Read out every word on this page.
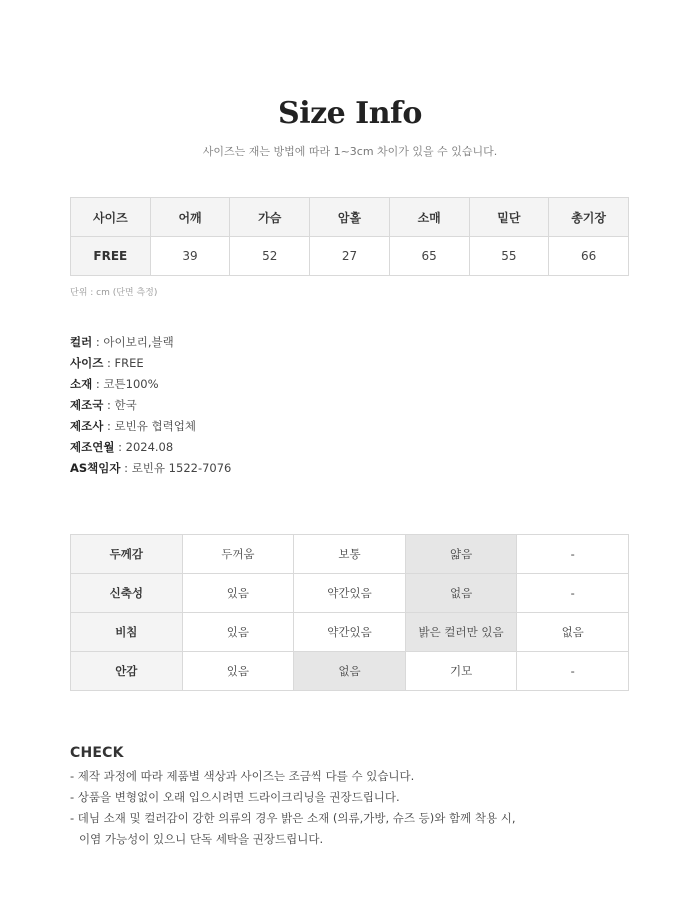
Size Info
사이즈는 재는 방법에 따라 1~3cm 차이가 있을 수 있습니다.
사이즈	어깨	가슴	암홀	소매	밑단	총기장
FREE	39	52	27	65	55	66
단위 : cm (단면 측정)
컬러 : 아이보리,블랙
사이즈 : FREE
소재 : 코튼100%
제조국 : 한국
제조사 : 로빈유 협력업체
제조연월 : 2024.08
AS책임자 : 로빈유 1522-7076
두께감	두꺼움	보통	얇음	-
신축성	있음	약간있음	없음	-
비침	있음	약간있음	밝은 컬러만 있음	없음
안감	있음	없음	기모	-
CHECK
- 제작 과정에 따라 제품별 색상과 사이즈는 조금씩 다를 수 있습니다.
- 상품을 변형없이 오래 입으시려면 드라이크리닝을 권장드립니다.
- 데님 소재 및 컬러감이 강한 의류의 경우 밝은 소재 (의류,가방, 슈즈 등)와 함께 착용 시,
이염 가능성이 있으니 단독 세탁을 권장드립니다.
